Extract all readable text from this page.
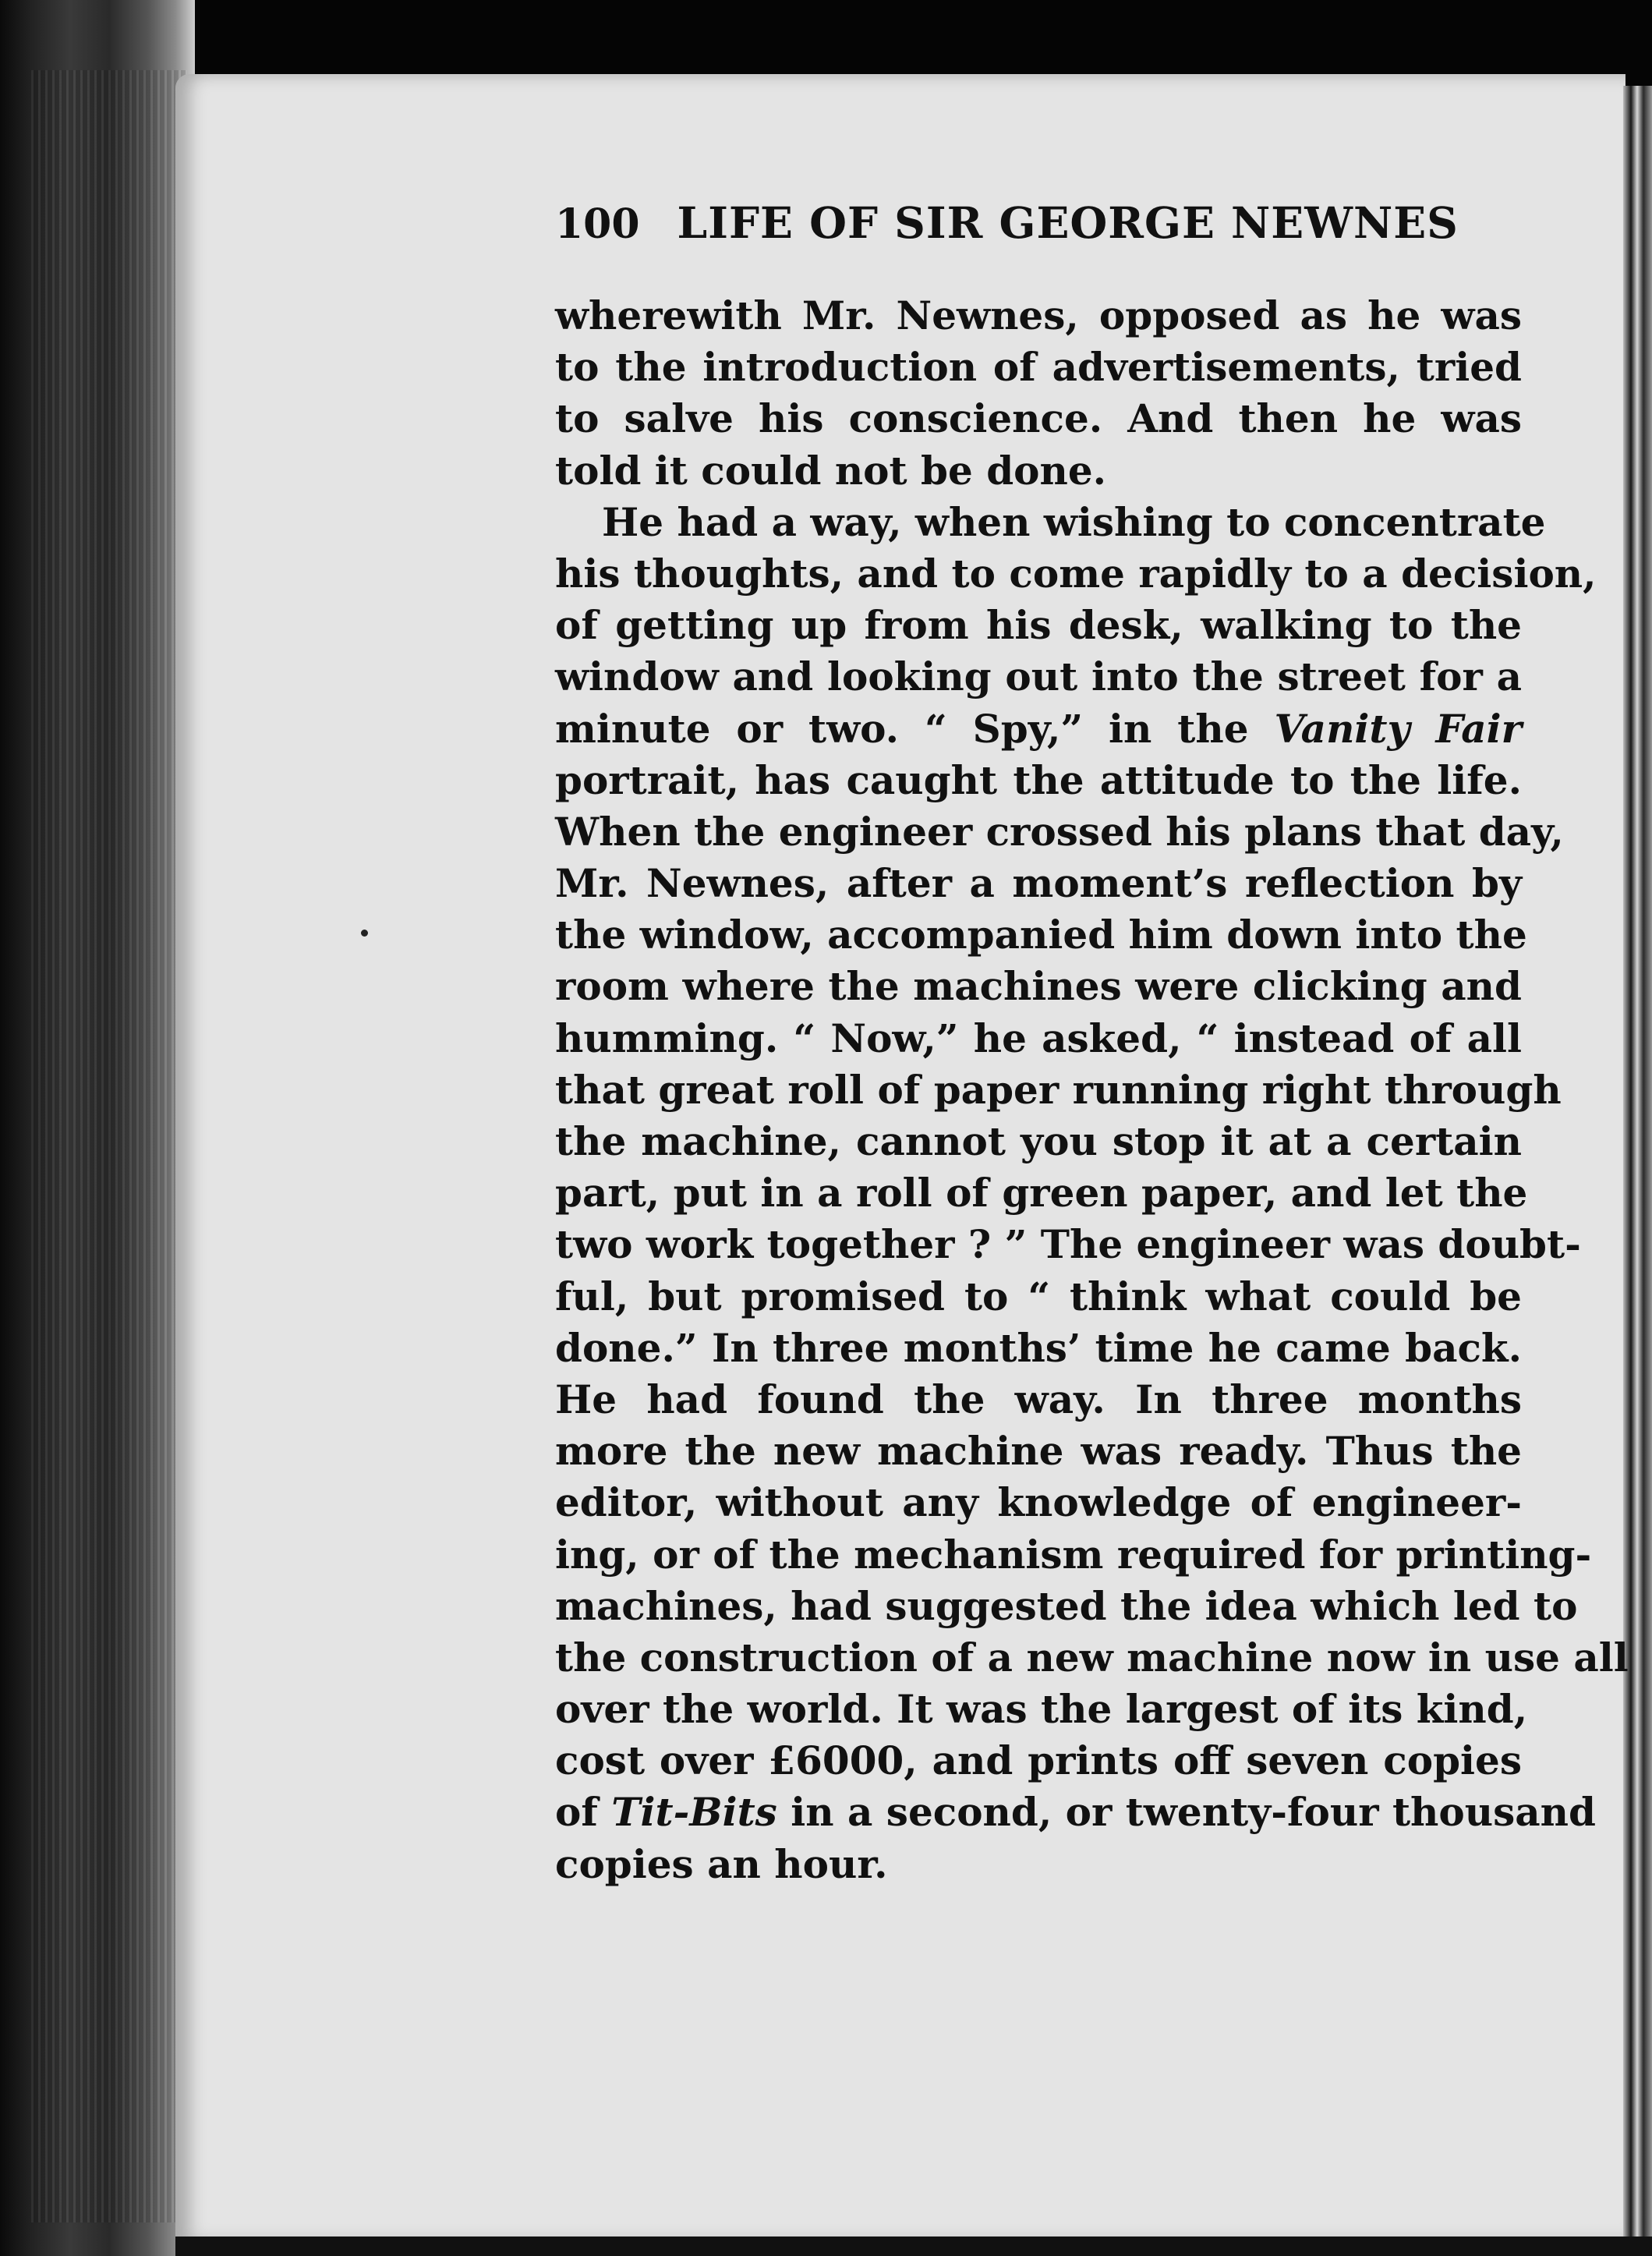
100 LIFE OF SIR GEORGE NEWNES
wherewith Mr. Newnes, opposed as he was
to the introduction of advertisements, tried
to salve his conscience. And then he was
told it could not be done.
He had a way, when wishing to concentrate
his thoughts, and to come rapidly to a decision,
of getting up from his desk, walking to the
window and looking out into the street for a
minute or two. “ Spy,” in the Vanity Fair
portrait, has caught the attitude to the life.
When the engineer crossed his plans that day,
Mr. Newnes, after a moment’s reflection by
the window, accompanied him down into the
room where the machines were clicking and
humming. “ Now,” he asked, “ instead of all
that great roll of paper running right through
the machine, cannot you stop it at a certain
part, put in a roll of green paper, and let the
two work together ? ” The engineer was doubt-
ful, but promised to “ think what could be
done.” In three months’ time he came back.
He had found the way. In three months
more the new machine was ready. Thus the
editor, without any knowledge of engineer-
ing, or of the mechanism required for printing-
machines, had suggested the idea which led to
the construction of a new machine now in use all
over the world. It was the largest of its kind,
cost over £6000, and prints off seven copies
of Tit-Bits in a second, or twenty-four thousand
copies an hour.
